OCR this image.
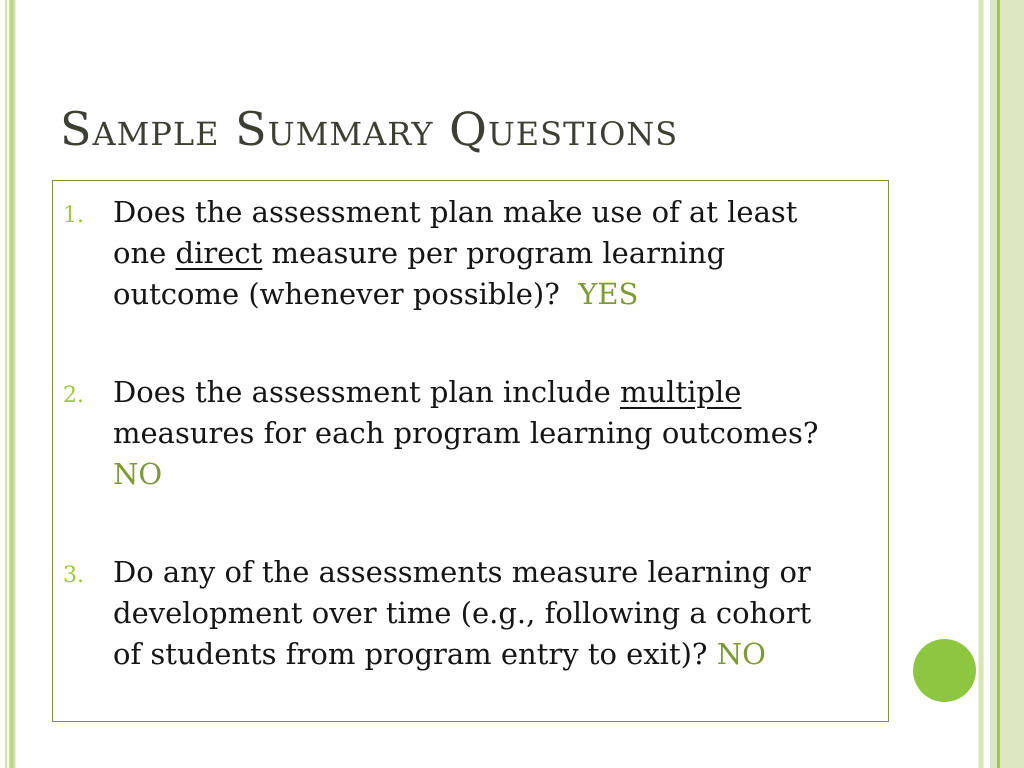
Sample Summary Questions
1.	Does the assessment plan make use of at least
one direct measure per program learning
outcome (whenever possible)?  YES
2.	Does the assessment plan include multiple
measures for each program learning outcomes?
NO
3.	Do any of the assessments measure learning or
development over time (e.g., following a cohort
of students from program entry to exit)? NO
